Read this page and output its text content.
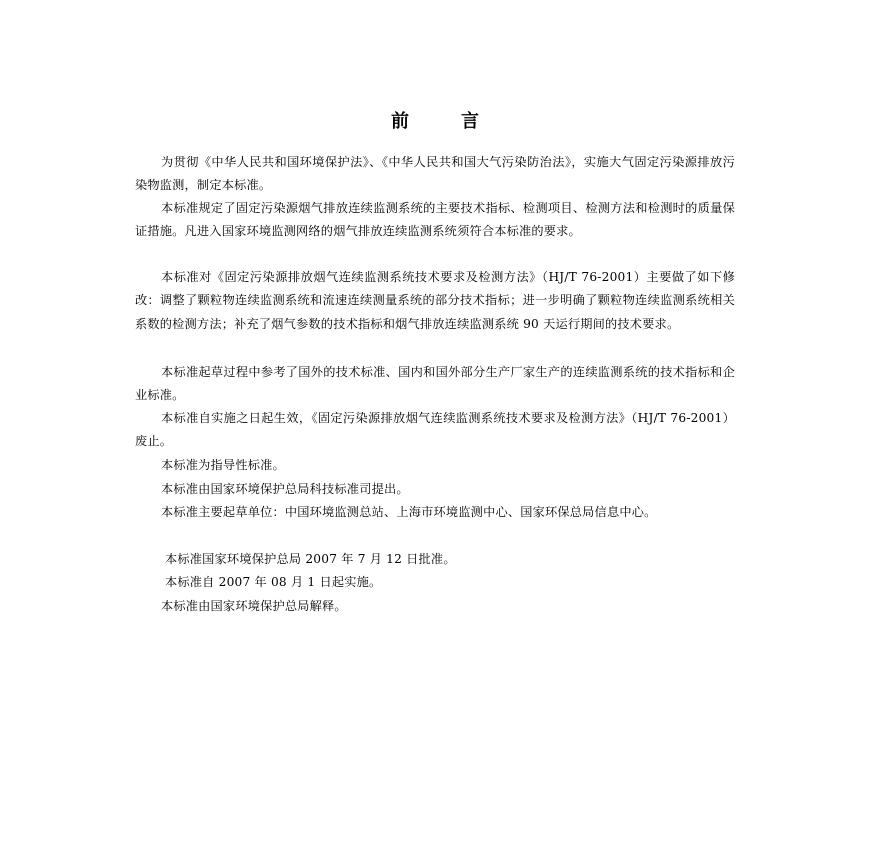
前	言

为贯彻《中华人民共和国环境保护法》、《中华人民共和国大气污染防治法》，实施大气固定污染源排放污染物监测，制定本标准。

本标准规定了固定污染源烟气排放连续监测系统的主要技术指标、检测项目、检测方法和检测时的质量保证措施。凡进入国家环境监测网络的烟气排放连续监测系统须符合本标准的要求。

本标准对《固定污染源排放烟气连续监测系统技术要求及检测方法》（HJ/T 76-2001）主要做了如下修改：调整了颗粒物连续监测系统和流速连续测量系统的部分技术指标；进一步明确了颗粒物连续监测系统相关系数的检测方法；补充了烟气参数的技术指标和烟气排放连续监测系统 90 天运行期间的技术要求。

本标准起草过程中参考了国外的技术标准、国内和国外部分生产厂家生产的连续监测系统的技术指标和企业标准。

本标准自实施之日起生效，《固定污染源排放烟气连续监测系统技术要求及检测方法》（HJ/T 76-2001）废止。

本标准为指导性标准。

本标准由国家环境保护总局科技标准司提出。

本标准主要起草单位：中国环境监测总站、上海市环境监测中心、国家环保总局信息中心。

本标准国家环境保护总局 2007 年 7 月 12 日批准。

本标准自 2007 年 08 月 1 日起实施。

本标准由国家环境保护总局解释。
